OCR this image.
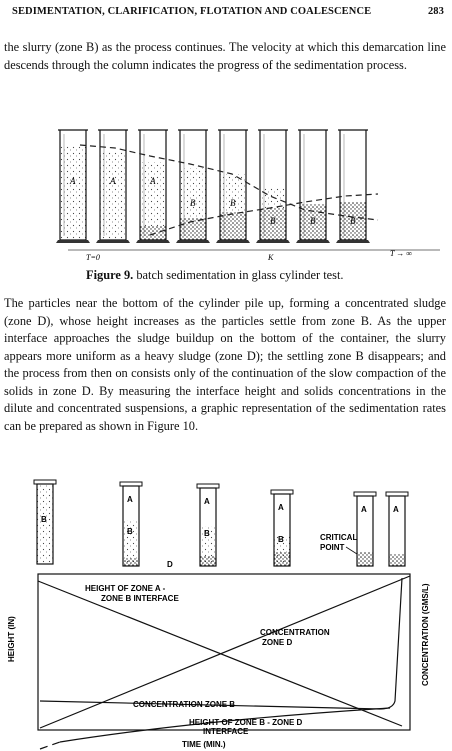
SEDIMENTATION, CLARIFICATION, FLOTATION AND COALESCENCE	283

the slurry (zone B) as the process continues. The velocity at which this demarcation line descends through the column indicates the progress of the sedimentation process.

A	A	A
B	B
B	B	B
T=0	K	T → ∞
Figure 9. batch sedimentation in glass cylinder test.

The particles near the bottom of the cylinder pile up, forming a concentrated sludge (zone D), whose height increases as the particles settle from zone B. As the upper interface approaches the sludge buildup on the bottom of the container, the slurry appears more uniform as a heavy sludge (zone D); the settling zone B disappears; and the process from then on consists only of the continuation of the slow compaction of the solids in zone D. By measuring the interface height and solids concentrations in the dilute and concentrated suspensions, a graphic representation of the sedimentation rates can be prepared as shown in Figure 10.

B
A
B
A
B
A
B
A	A
D
CRITICAL POINT
HEIGHT OF ZONE A -ZONE B INTERFACE
CONCENTRATION ZONE D
CONCENTRATION ZONE B
HEIGHT OF ZONE B - ZONE D INTERFACE
HEIGHT (IN)	CONCENTRATION (GMS/L)
TIME (MIN.)
